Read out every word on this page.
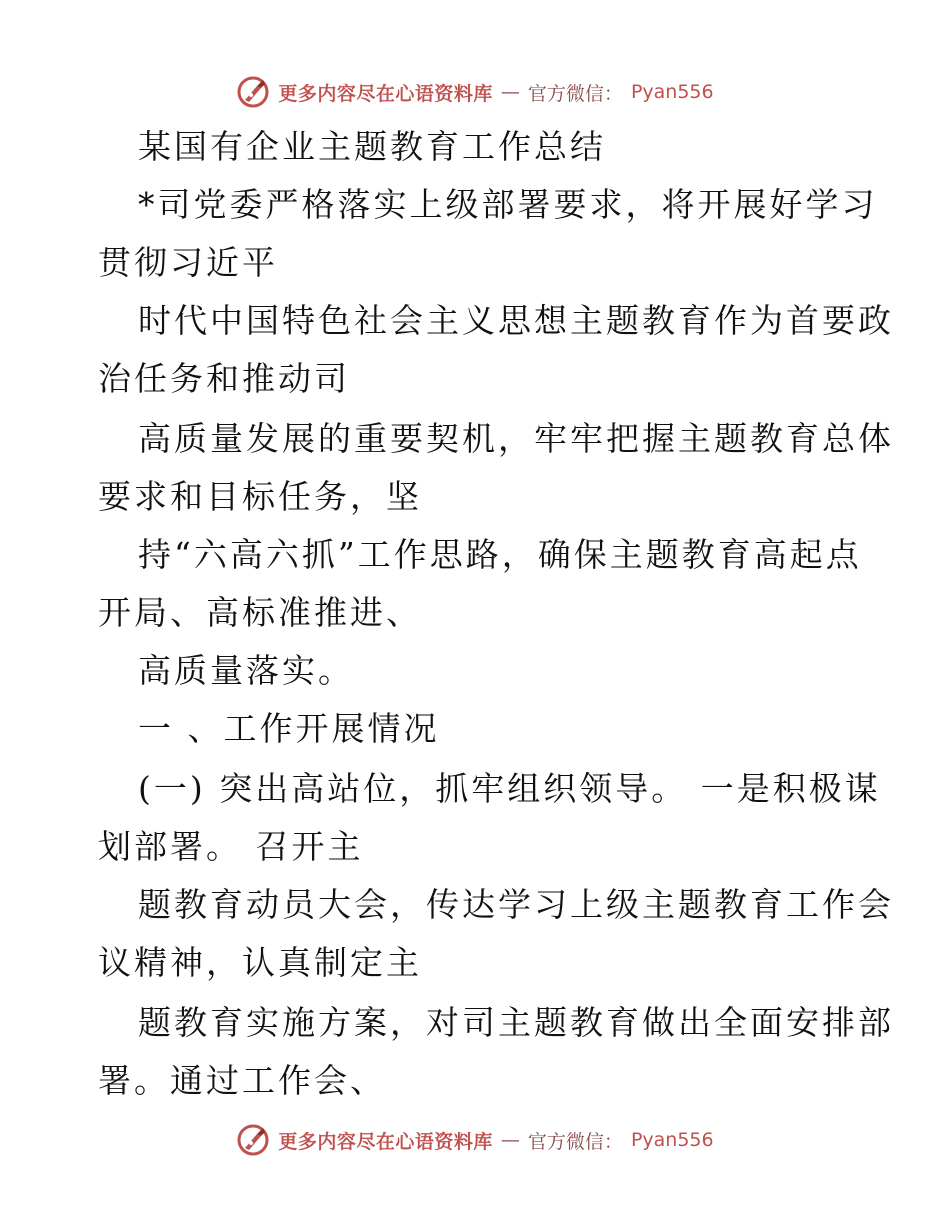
更多内容尽在心语资料库 — 官方微信： Pyan556
某国有企业主题教育工作总结
*司党委严格落实上级部署要求，将开展好学习
贯彻习近平
时代中国特色社会主义思想主题教育作为首要政
治任务和推动司
高质量发展的重要契机，牢牢把握主题教育总体
要求和目标任务，坚
持“六高六抓”工作思路，确保主题教育高起点
开局、高标准推进、
高质量落实。
一 、工作开展情况
(一) 突出高站位，抓牢组织领导。 一是积极谋
划部署。 召开主
题教育动员大会，传达学习上级主题教育工作会
议精神，认真制定主
题教育实施方案，对司主题教育做出全面安排部
署。通过工作会、
更多内容尽在心语资料库 — 官方微信： Pyan556
